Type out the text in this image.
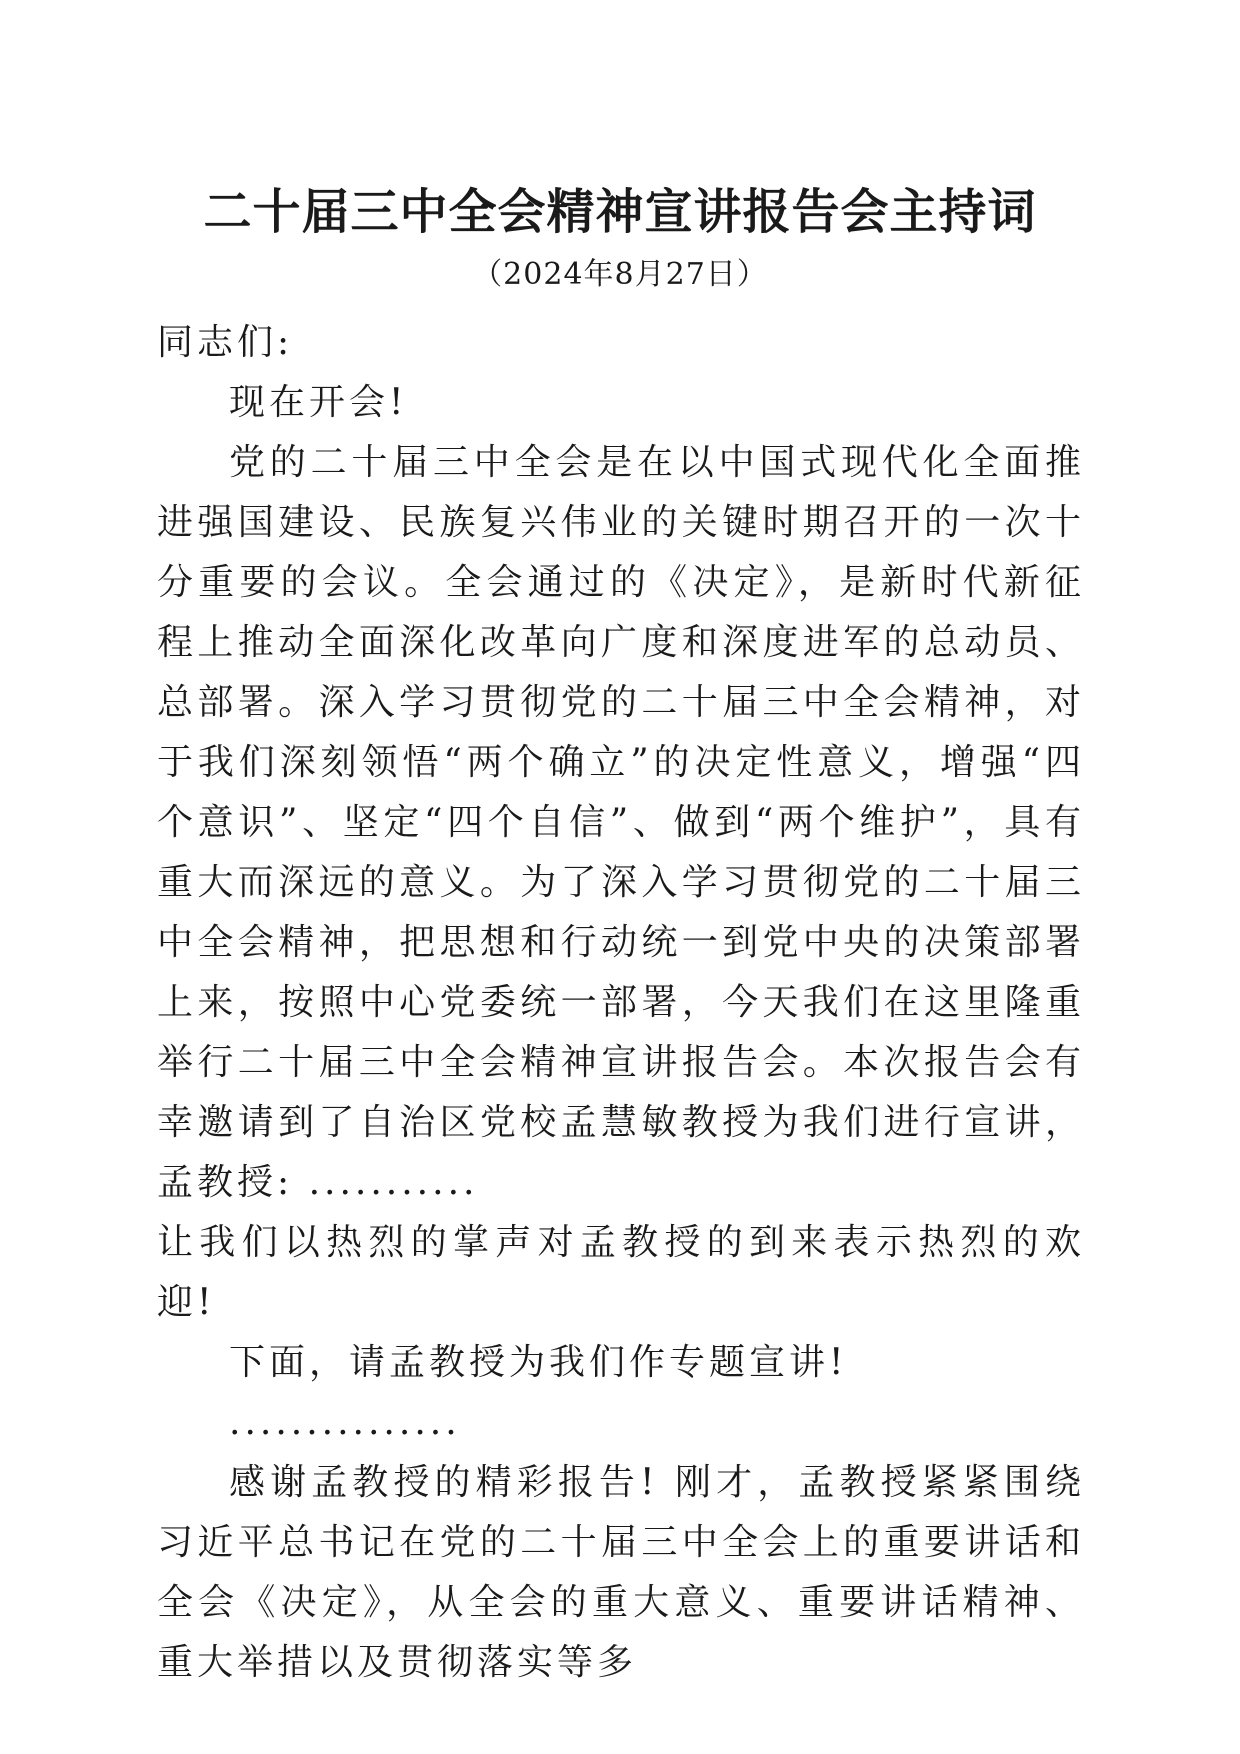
二十届三中全会精神宣讲报告会主持词
（2024年8月27日）

同志们:

现在开会!

党的二十届三中全会是在以中国式现代化全面推进强国建设、民族复兴伟业的关键时期召开的一次十分重要的会议。全会通过的《决定》，是新时代新征程上推动全面深化改革向广度和深度进军的总动员、总部署。深入学习贯彻党的二十届三中全会精神，对于我们深刻领悟“两个确立”的决定性意义，增强“四个意识”、坚定“四个自信”、做到“两个维护”，具有重大而深远的意义。为了深入学习贯彻党的二十届三中全会精神，把思想和行动统一到党中央的决策部署上来，按照中心党委统一部署，今天我们在这里隆重举行二十届三中全会精神宣讲报告会。本次报告会有幸邀请到了自治区党校孟慧敏教授为我们进行宣讲，孟教授: ...........

让我们以热烈的掌声对孟教授的到来表示热烈的欢迎!

下面，请孟教授为我们作专题宣讲!

...............

感谢孟教授的精彩报告! 刚才，孟教授紧紧围绕习近平总书记在党的二十届三中全会上的重要讲话和全会《决定》，从全会的重大意义、重要讲话精神、重大举措以及贯彻落实等多
